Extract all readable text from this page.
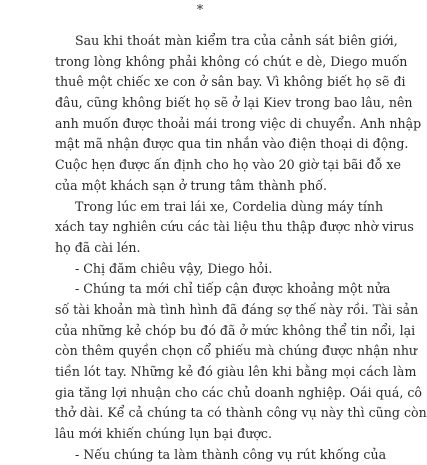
*
Sau khi thoát màn kiểm tra của cảnh sát biên giới,
trong lòng không phải không có chút e dè, Diego muốn
thuê một chiếc xe con ở sân bay. Vì không biết họ sẽ đi
đâu, cũng không biết họ sẽ ở lại Kiev trong bao lâu, nên
anh muốn được thoải mái trong việc di chuyển. Anh nhập
mật mã nhận được qua tin nhắn vào điện thoại di động.
Cuộc hẹn được ấn định cho họ vào 20 giờ tại bãi đỗ xe
của một khách sạn ở trung tâm thành phố.
Trong lúc em trai lái xe, Cordelia dùng máy tính
xách tay nghiên cứu các tài liệu thu thập được nhờ virus
họ đã cài lén.
- Chị đăm chiêu vậy, Diego hỏi.
- Chúng ta mới chỉ tiếp cận được khoảng một nửa
số tài khoản mà tình hình đã đáng sợ thế này rồi. Tài sản
của những kẻ chóp bu đó đã ở mức không thể tin nổi, lại
còn thêm quyền chọn cổ phiếu mà chúng được nhận như
tiền lót tay. Những kẻ đó giàu lên khi bằng mọi cách làm
gia tăng lợi nhuận cho các chủ doanh nghiệp. Oái quá, cô
thở dài. Kể cả chúng ta có thành công vụ này thì cũng còn
lâu mới khiến chúng lụn bại được.
- Nếu chúng ta làm thành công vụ rút khống của
